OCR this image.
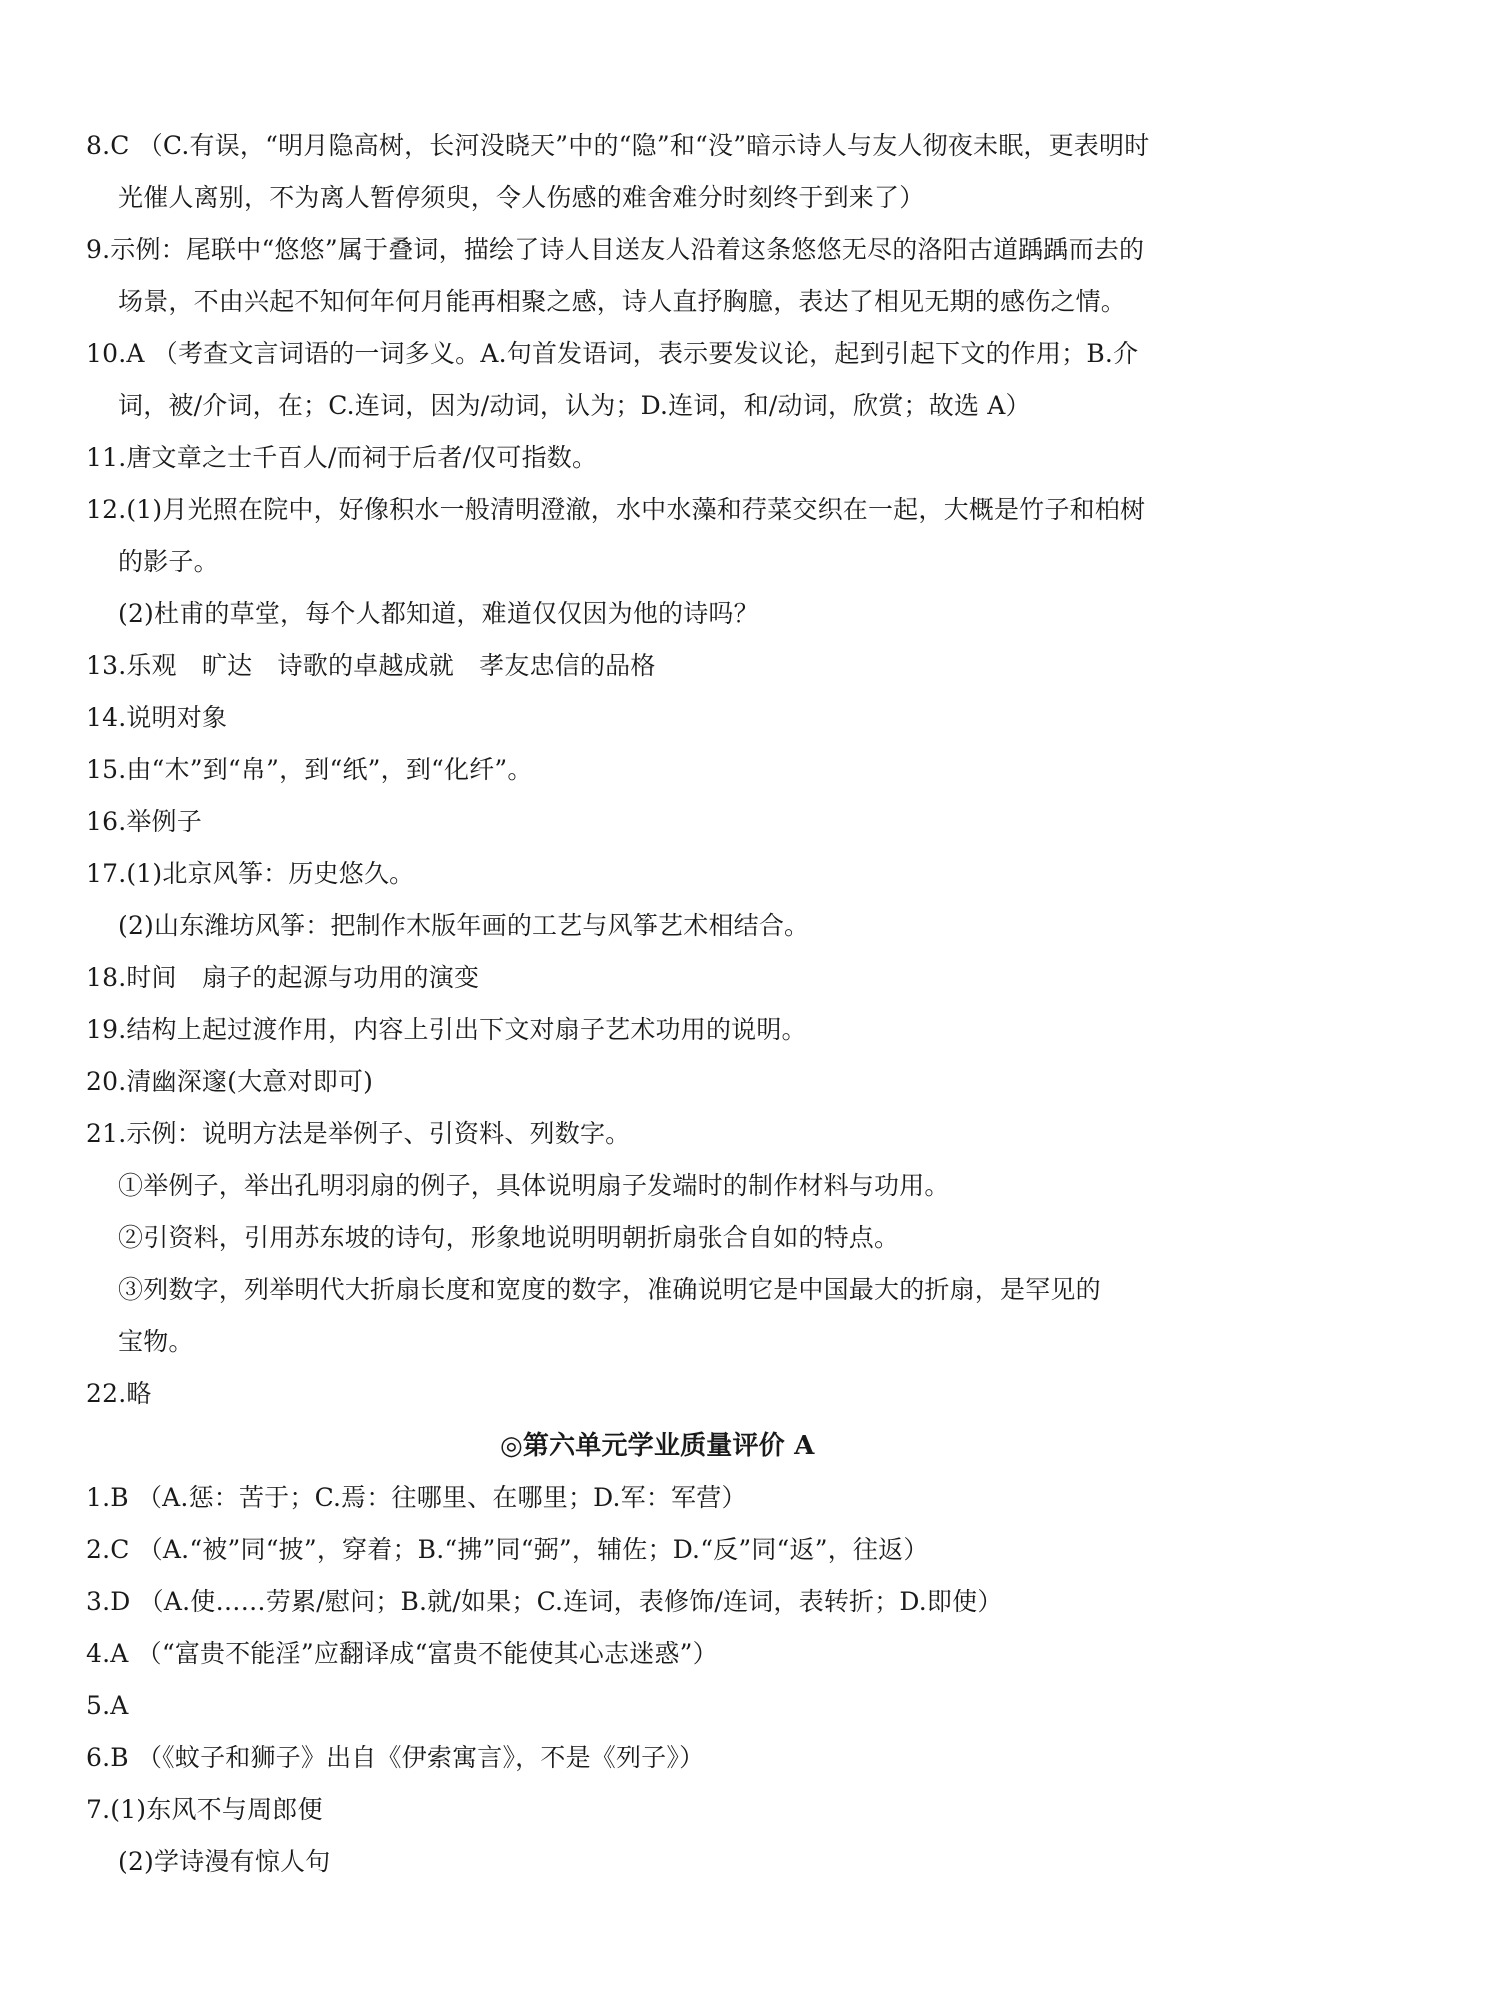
8.C （C.有误，“明月隐高树，长河没晓天”中的“隐”和“没”暗示诗人与友人彻夜未眠，更表明时
光催人离别，不为离人暂停须臾，令人伤感的难舍难分时刻终于到来了）
9.示例：尾联中“悠悠”属于叠词，描绘了诗人目送友人沿着这条悠悠无尽的洛阳古道踽踽而去的
场景，不由兴起不知何年何月能再相聚之感，诗人直抒胸臆，表达了相见无期的感伤之情。
10.A （考查文言词语的一词多义。A.句首发语词，表示要发议论，起到引起下文的作用；B.介
词，被/介词，在；C.连词，因为/动词，认为；D.连词，和/动词，欣赏；故选 A）
11.唐文章之士千百人/而祠于后者/仅可指数。
12.(1)月光照在院中，好像积水一般清明澄澈，水中水藻和荇菜交织在一起，大概是竹子和柏树
的影子。
(2)杜甫的草堂，每个人都知道，难道仅仅因为他的诗吗？
13.乐观　旷达　诗歌的卓越成就　孝友忠信的品格
14.说明对象
15.由“木”到“帛”，到“纸”，到“化纤”。
16.举例子
17.(1)北京风筝：历史悠久。
(2)山东潍坊风筝：把制作木版年画的工艺与风筝艺术相结合。
18.时间　扇子的起源与功用的演变
19.结构上起过渡作用，内容上引出下文对扇子艺术功用的说明。
20.清幽深邃(大意对即可)
21.示例：说明方法是举例子、引资料、列数字。
①举例子，举出孔明羽扇的例子，具体说明扇子发端时的制作材料与功用。
②引资料，引用苏东坡的诗句，形象地说明明朝折扇张合自如的特点。
③列数字，列举明代大折扇长度和宽度的数字，准确说明它是中国最大的折扇，是罕见的
宝物。
22.略
◎第六单元学业质量评价 A
1.B （A.惩：苦于；C.焉：往哪里、在哪里；D.军：军营）
2.C （A.“被”同“披”，穿着；B.“拂”同“弼”，辅佐；D.“反”同“返”，往返）
3.D （A.使……劳累/慰问；B.就/如果；C.连词，表修饰/连词，表转折；D.即使）
4.A （“富贵不能淫”应翻译成“富贵不能使其心志迷惑”）
5.A
6.B （《蚊子和狮子》出自《伊索寓言》，不是《列子》）
7.(1)东风不与周郎便
(2)学诗漫有惊人句
